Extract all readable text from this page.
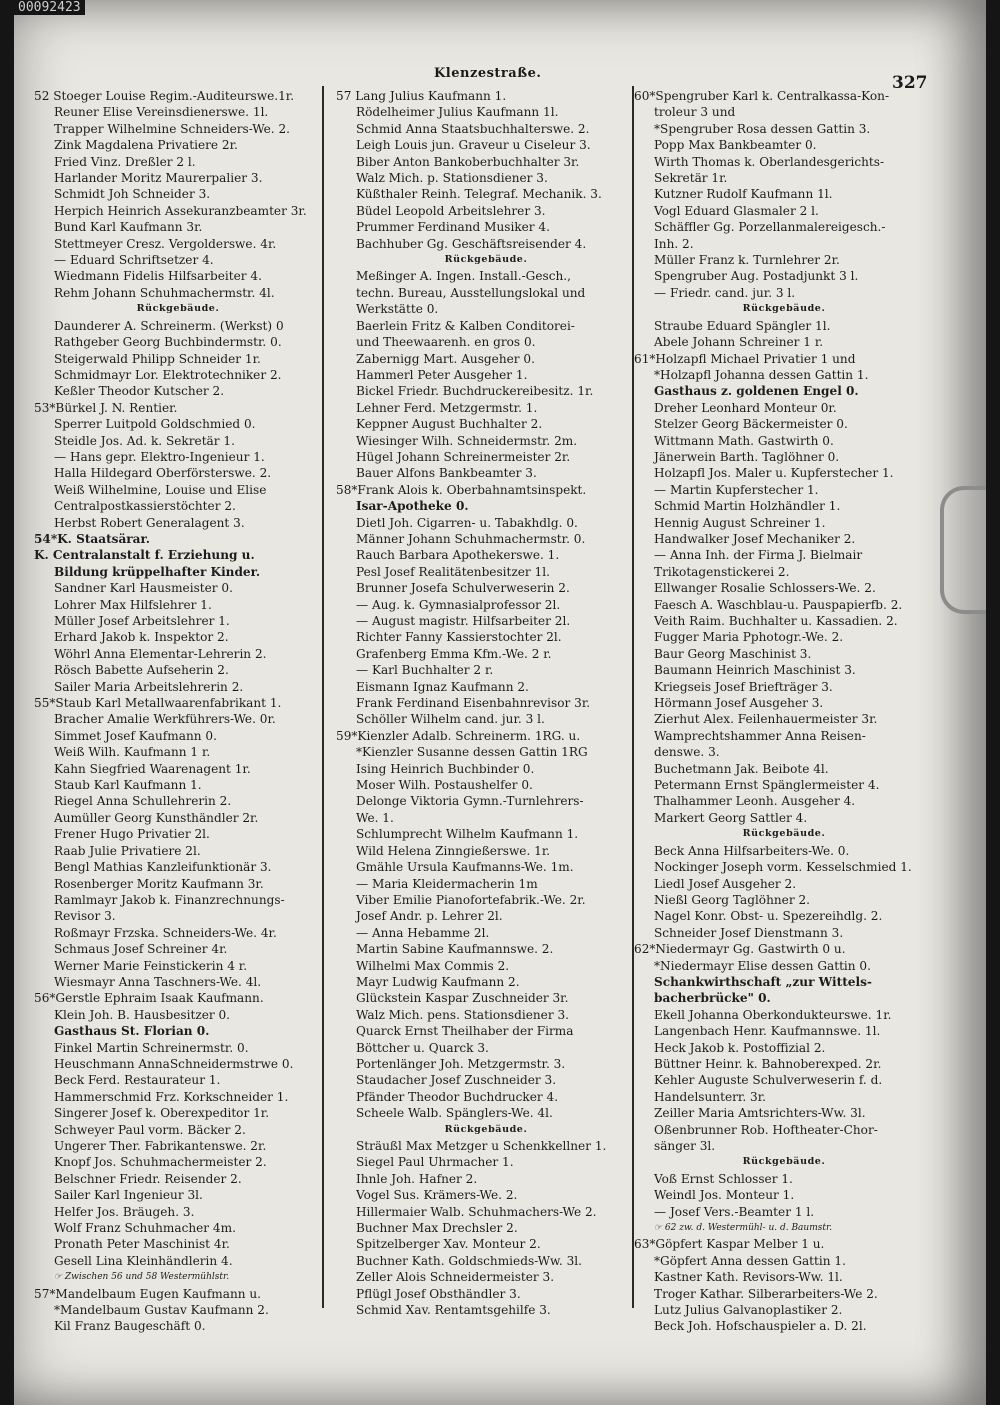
00092423
Klenzestraße.	327
52 Stoeger Louise Regim.-Auditeurswe.1r.
Reuner Elise Vereinsdienerswe. 1l.
Trapper Wilhelmine Schneiders-We. 2.
Zink Magdalena Privatiere 2r.
Fried Vinz. Dreßler 2 l.
Harlander Moritz Maurerpalier 3.
Schmidt Joh Schneider 3.
Herpich Heinrich Assekuranzbeamter 3r.
Bund Karl Kaufmann 3r.
Stettmeyer Cresz. Vergolderswe. 4r.
— Eduard Schriftsetzer 4.
Wiedmann Fidelis Hilfsarbeiter 4.
Rehm Johann Schuhmachermstr. 4l.
Rückgebäude.
Daunderer A. Schreinerm. (Werkst) 0
Rathgeber Georg Buchbindermstr. 0.
Steigerwald Philipp Schneider 1r.
Schmidmayr Lor. Elektrotechniker 2.
Keßler Theodor Kutscher 2.
53*Bürkel J. N. Rentier.
Sperrer Luitpold Goldschmied 0.
Steidle Jos. Ad. k. Sekretär 1.
— Hans gepr. Elektro-Ingenieur 1.
Halla Hildegard Oberförsterswe. 2.
Weiß Wilhelmine, Louise und Elise
Centralpostkassierstöchter 2.
Herbst Robert Generalagent 3.
54*K. Staatsärar.
K. Centralanstalt f. Erziehung u.
Bildung krüppelhafter Kinder.
Sandner Karl Hausmeister 0.
Lohrer Max Hilfslehrer 1.
Müller Josef Arbeitslehrer 1.
Erhard Jakob k. Inspektor 2.
Wöhrl Anna Elementar-Lehrerin 2.
Rösch Babette Aufseherin 2.
Sailer Maria Arbeitslehrerin 2.
55*Staub Karl Metallwaarenfabrikant 1.
Bracher Amalie Werkführers-We. 0r.
Simmet Josef Kaufmann 0.
Weiß Wilh. Kaufmann 1 r.
Kahn Siegfried Waarenagent 1r.
Staub Karl Kaufmann 1.
Riegel Anna Schullehrerin 2.
Aumüller Georg Kunsthändler 2r.
Frener Hugo Privatier 2l.
Raab Julie Privatiere 2l.
Bengl Mathias Kanzleifunktionär 3.
Rosenberger Moritz Kaufmann 3r.
Ramlmayr Jakob k. Finanzrechnungs-
Revisor 3.
Roßmayr Frzska. Schneiders-We. 4r.
Schmaus Josef Schreiner 4r.
Werner Marie Feinstickerin 4 r.
Wiesmayr Anna Taschners-We. 4l.
56*Gerstle Ephraim Isaak Kaufmann.
Klein Joh. B. Hausbesitzer 0.
Gasthaus St. Florian 0.
Finkel Martin Schreinermstr. 0.
Heuschmann AnnaSchneidermstrwe 0.
Beck Ferd. Restaurateur 1.
Hammerschmid Frz. Korkschneider 1.
Singerer Josef k. Oberexpeditor 1r.
Schweyer Paul vorm. Bäcker 2.
Ungerer Ther. Fabrikantenswe. 2r.
Knopf Jos. Schuhmachermeister 2.
Belschner Friedr. Reisender 2.
Sailer Karl Ingenieur 3l.
Helfer Jos. Bräugeh. 3.
Wolf Franz Schuhmacher 4m.
Pronath Peter Maschinist 4r.
Gesell Lina Kleinhändlerin 4.
☞ Zwischen 56 und 58 Westermühlstr.
57*Mandelbaum Eugen Kaufmann u.
*Mandelbaum Gustav Kaufmann 2.
Kil Franz Baugeschäft 0.
57 Lang Julius Kaufmann 1.
Rödelheimer Julius Kaufmann 1l.
Schmid Anna Staatsbuchhalterswe. 2.
Leigh Louis jun. Graveur u Ciseleur 3.
Biber Anton Bankoberbuchhalter 3r.
Walz Mich. p. Stationsdiener 3.
Küßthaler Reinh. Telegraf. Mechanik. 3.
Büdel Leopold Arbeitslehrer 3.
Prummer Ferdinand Musiker 4.
Bachhuber Gg. Geschäftsreisender 4.
Rückgebäude.
Meßinger A. Ingen. Install.-Gesch.,
techn. Bureau, Ausstellungslokal und
Werkstätte 0.
Baerlein Fritz & Kalben Conditorei-
und Theewaarenh. en gros 0.
Zabernigg Mart. Ausgeher 0.
Hammerl Peter Ausgeher 1.
Bickel Friedr. Buchdruckereibesitz. 1r.
Lehner Ferd. Metzgermstr. 1.
Keppner August Buchhalter 2.
Wiesinger Wilh. Schneidermstr. 2m.
Hügel Johann Schreinermeister 2r.
Bauer Alfons Bankbeamter 3.
58*Frank Alois k. Oberbahnamtsinspekt.
Isar-Apotheke 0.
Dietl Joh. Cigarren- u. Tabakhdlg. 0.
Männer Johann Schuhmachermstr. 0.
Rauch Barbara Apothekerswe. 1.
Pesl Josef Realitätenbesitzer 1l.
Brunner Josefa Schulverweserin 2.
— Aug. k. Gymnasialprofessor 2l.
— August magistr. Hilfsarbeiter 2l.
Richter Fanny Kassierstochter 2l.
Grafenberg Emma Kfm.-We. 2 r.
— Karl Buchhalter 2 r.
Eismann Ignaz Kaufmann 2.
Frank Ferdinand Eisenbahnrevisor 3r.
Schöller Wilhelm cand. jur. 3 l.
59*Kienzler Adalb. Schreinerm. 1RG. u.
*Kienzler Susanne dessen Gattin 1RG
Ising Heinrich Buchbinder 0.
Moser Wilh. Postaushelfer 0.
Delonge Viktoria Gymn.-Turnlehrers-
We. 1.
Schlumprecht Wilhelm Kaufmann 1.
Wild Helena Zinngießerswe. 1r.
Gmähle Ursula Kaufmanns-We. 1m.
— Maria Kleidermacherin 1m
Viber Emilie Pianofortefabrik.-We. 2r.
Josef Andr. p. Lehrer 2l.
— Anna Hebamme 2l.
Martin Sabine Kaufmannswe. 2.
Wilhelmi Max Commis 2.
Mayr Ludwig Kaufmann 2.
Glückstein Kaspar Zuschneider 3r.
Walz Mich. pens. Stationsdiener 3.
Quarck Ernst Theilhaber der Firma
Böttcher u. Quarck 3.
Portenlänger Joh. Metzgermstr. 3.
Staudacher Josef Zuschneider 3.
Pfänder Theodor Buchdrucker 4.
Scheele Walb. Spänglers-We. 4l.
Rückgebäude.
Sträußl Max Metzger u Schenkkellner 1.
Siegel Paul Uhrmacher 1.
Ihnle Joh. Hafner 2.
Vogel Sus. Krämers-We. 2.
Hillermaier Walb. Schuhmachers-We 2.
Buchner Max Drechsler 2.
Spitzelberger Xav. Monteur 2.
Buchner Kath. Goldschmieds-Ww. 3l.
Zeller Alois Schneidermeister 3.
Pflügl Josef Obsthändler 3.
Schmid Xav. Rentamtsgehilfe 3.
60*Spengruber Karl k. Centralkassa-Kon-
troleur 3 und
*Spengruber Rosa dessen Gattin 3.
Popp Max Bankbeamter 0.
Wirth Thomas k. Oberlandesgerichts-
Sekretär 1r.
Kutzner Rudolf Kaufmann 1l.
Vogl Eduard Glasmaler 2 l.
Schäffler Gg. Porzellanmalereigesch.-
Inh. 2.
Müller Franz k. Turnlehrer 2r.
Spengruber Aug. Postadjunkt 3 l.
— Friedr. cand. jur. 3 l.
Rückgebäude.
Straube Eduard Spängler 1l.
Abele Johann Schreiner 1 r.
61*Holzapfl Michael Privatier 1 und
*Holzapfl Johanna dessen Gattin 1.
Gasthaus z. goldenen Engel 0.
Dreher Leonhard Monteur 0r.
Stelzer Georg Bäckermeister 0.
Wittmann Math. Gastwirth 0.
Jänerwein Barth. Taglöhner 0.
Holzapfl Jos. Maler u. Kupferstecher 1.
— Martin Kupferstecher 1.
Schmid Martin Holzhändler 1.
Hennig August Schreiner 1.
Handwalker Josef Mechaniker 2.
— Anna Inh. der Firma J. Bielmair
Trikotagenstickerei 2.
Ellwanger Rosalie Schlossers-We. 2.
Faesch A. Waschblau-u. Pauspapierfb. 2.
Veith Raim. Buchhalter u. Kassadien. 2.
Fugger Maria Pphotogr.-We. 2.
Baur Georg Maschinist 3.
Baumann Heinrich Maschinist 3.
Kriegseis Josef Briefträger 3.
Hörmann Josef Ausgeher 3.
Zierhut Alex. Feilenhauermeister 3r.
Wamprechtshammer Anna Reisen-
denswe. 3.
Buchetmann Jak. Beibote 4l.
Petermann Ernst Spänglermeister 4.
Thalhammer Leonh. Ausgeher 4.
Markert Georg Sattler 4.
Rückgebäude.
Beck Anna Hilfsarbeiters-We. 0.
Nockinger Joseph vorm. Kesselschmied 1.
Liedl Josef Ausgeher 2.
Nießl Georg Taglöhner 2.
Nagel Konr. Obst- u. Spezereihdlg. 2.
Schneider Josef Dienstmann 3.
62*Niedermayr Gg. Gastwirth 0 u.
*Niedermayr Elise dessen Gattin 0.
Schankwirthschaft „zur Wittels-
bacherbrücke" 0.
Ekell Johanna Oberkondukteurswe. 1r.
Langenbach Henr. Kaufmannswe. 1l.
Heck Jakob k. Postoffizial 2.
Büttner Heinr. k. Bahnoberexped. 2r.
Kehler Auguste Schulverweserin f. d.
Handelsunterr. 3r.
Zeiller Maria Amtsrichters-Ww. 3l.
Oßenbrunner Rob. Hoftheater-Chor-
sänger 3l.
Rückgebäude.
Voß Ernst Schlosser 1.
Weindl Jos. Monteur 1.
— Josef Vers.-Beamter 1 l.
☞ 62 zw. d. Westermühl- u. d. Baumstr.
63*Göpfert Kaspar Melber 1 u.
*Göpfert Anna dessen Gattin 1.
Kastner Kath. Revisors-Ww. 1l.
Troger Kathar. Silberarbeiters-We 2.
Lutz Julius Galvanoplastiker 2.
Beck Joh. Hofschauspieler a. D. 2l.
